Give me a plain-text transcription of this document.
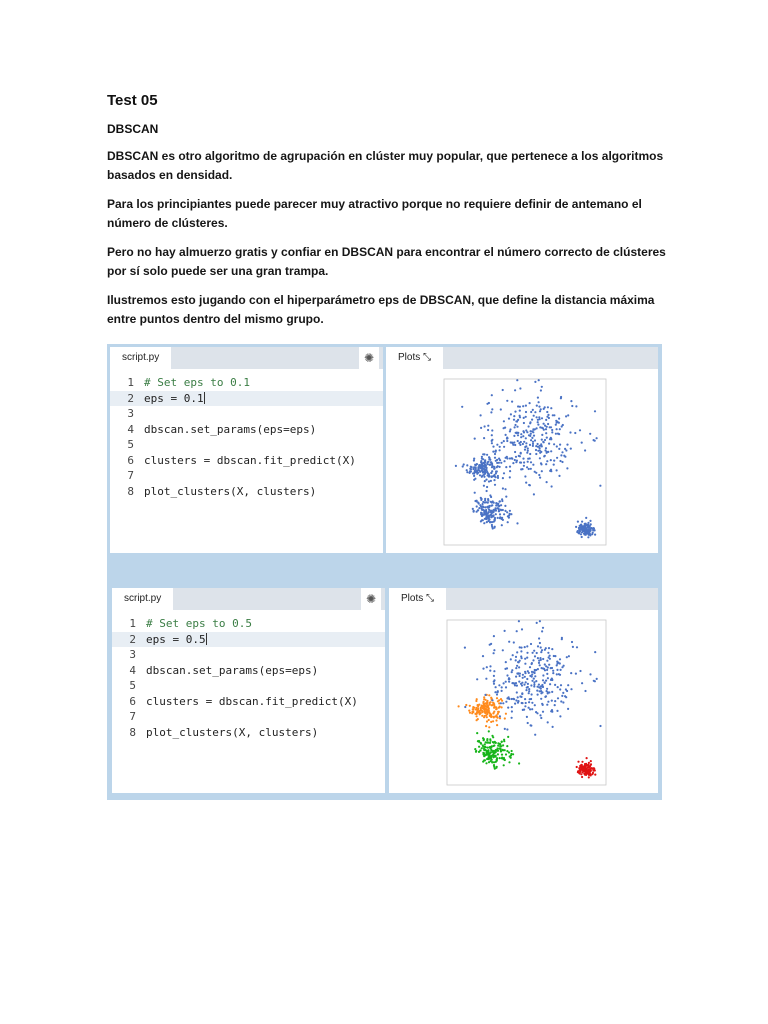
Test 05
DBSCAN

DBSCAN es otro algoritmo de agrupación en clúster muy popular, que pertenece a los algoritmos basados en densidad.

Para los principiantes puede parecer muy atractivo porque no requiere definir de antemano el número de clústeres.

Pero no hay almuerzo gratis y confiar en DBSCAN para encontrar el número correcto de clústeres por sí solo puede ser una gran trampa.

Ilustremos esto jugando con el hiperparámetro eps de DBSCAN, que define la distancia máxima entre puntos dentro del mismo grupo.

script.py	✺
1 # Set eps to 0.1
2 eps = 0.1
3
4 dbscan.set_params(eps=eps)
5
6 clusters = dbscan.fit_predict(X)
7
8 plot_clusters(X, clusters)
Plots ⤡
script.py	✺
1 # Set eps to 0.5
2 eps = 0.5
3
4 dbscan.set_params(eps=eps)
5
6 clusters = dbscan.fit_predict(X)
7
8 plot_clusters(X, clusters)
Plots ⤡
